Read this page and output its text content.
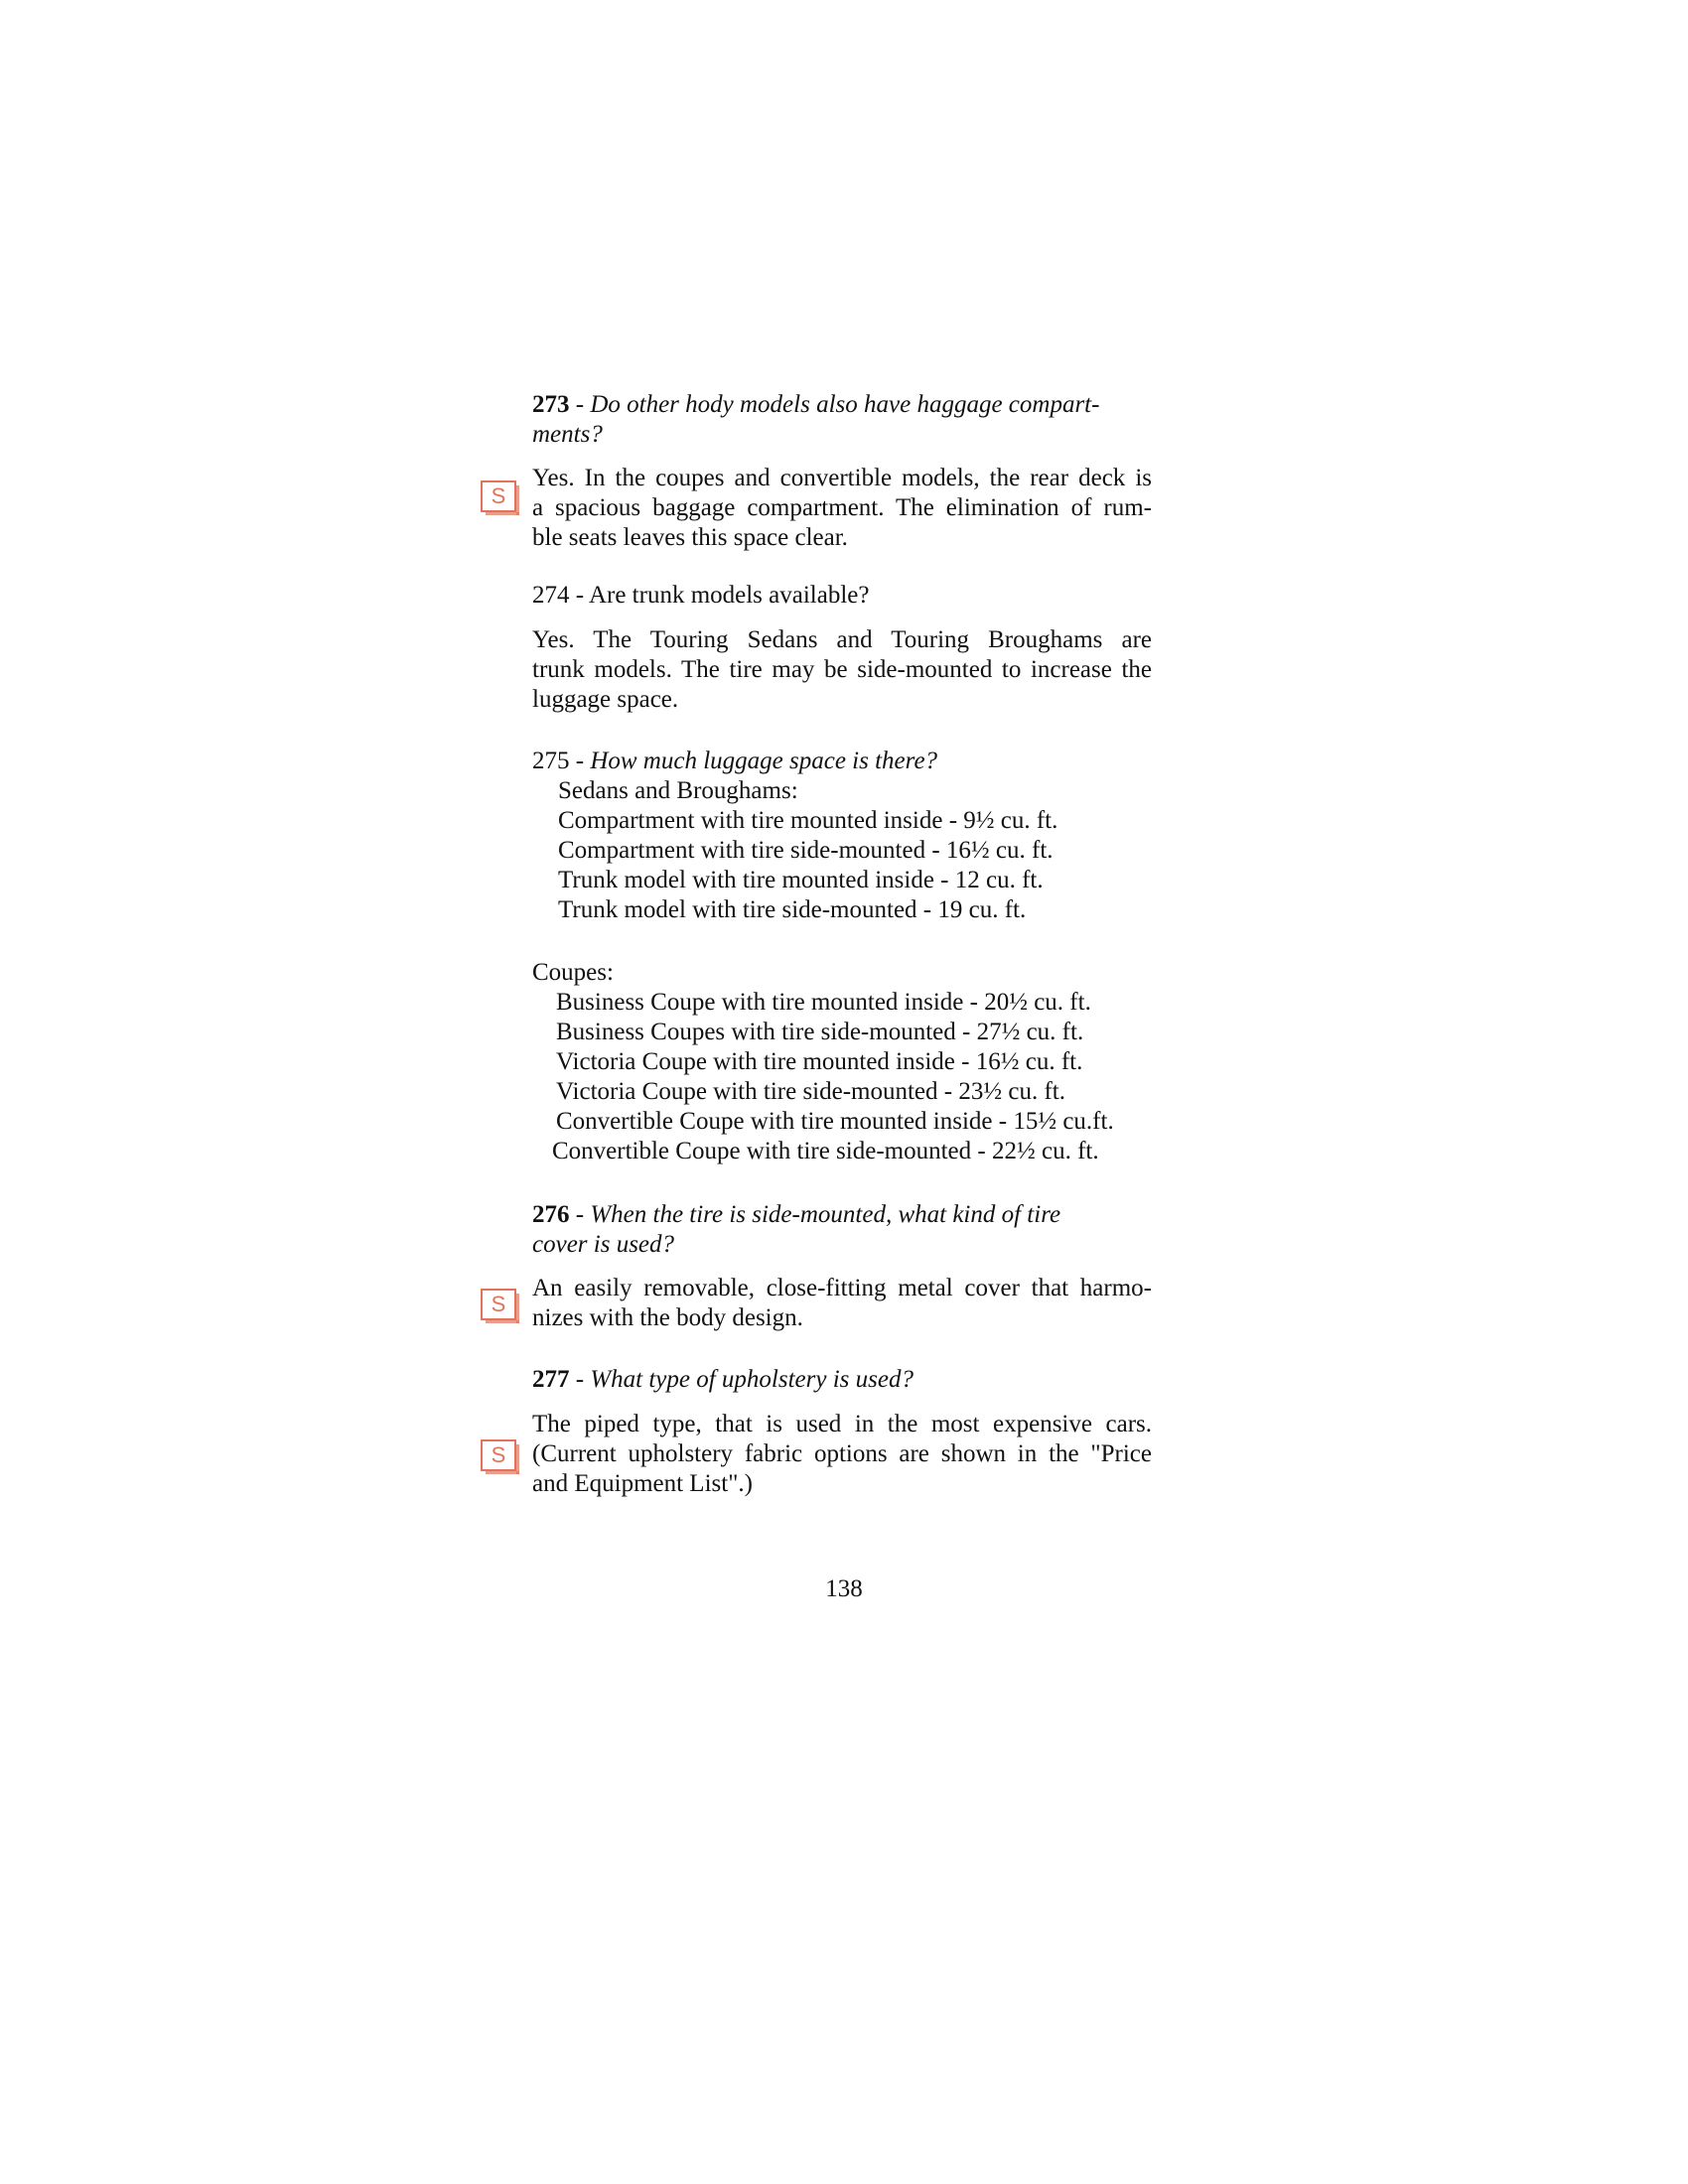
273 - Do other hody models also have haggage compart-
ments?
S
Yes. In the coupes and convertible models, the rear deck is
a spacious baggage compartment. The elimination of rum-
ble seats leaves this space clear.
274 - Are trunk models available?
Yes. The Touring Sedans and Touring Broughams are
trunk models. The tire may be side-mounted to increase the
luggage space.
275 - How much luggage space is there?
Sedans and Broughams:
Compartment with tire mounted inside - 9½ cu. ft.
Compartment with tire side-mounted - 16½ cu. ft.
Trunk model with tire mounted inside - 12 cu. ft.
Trunk model with tire side-mounted - 19 cu. ft.
Coupes:
Business Coupe with tire mounted inside - 20½ cu. ft.
Business Coupes with tire side-mounted - 27½ cu. ft.
Victoria Coupe with tire mounted inside - 16½ cu. ft.
Victoria Coupe with tire side-mounted - 23½ cu. ft.
Convertible Coupe with tire mounted inside - 15½ cu.ft.
Convertible Coupe with tire side-mounted - 22½ cu. ft.
276 - When the tire is side-mounted, what kind of tire
cover is used?
S
An easily removable, close-fitting metal cover that harmo-
nizes with the body design.
277 - What type of upholstery is used?
S
The piped type, that is used in the most expensive cars.
(Current upholstery fabric options are shown in the "Price
and Equipment List".)
138
